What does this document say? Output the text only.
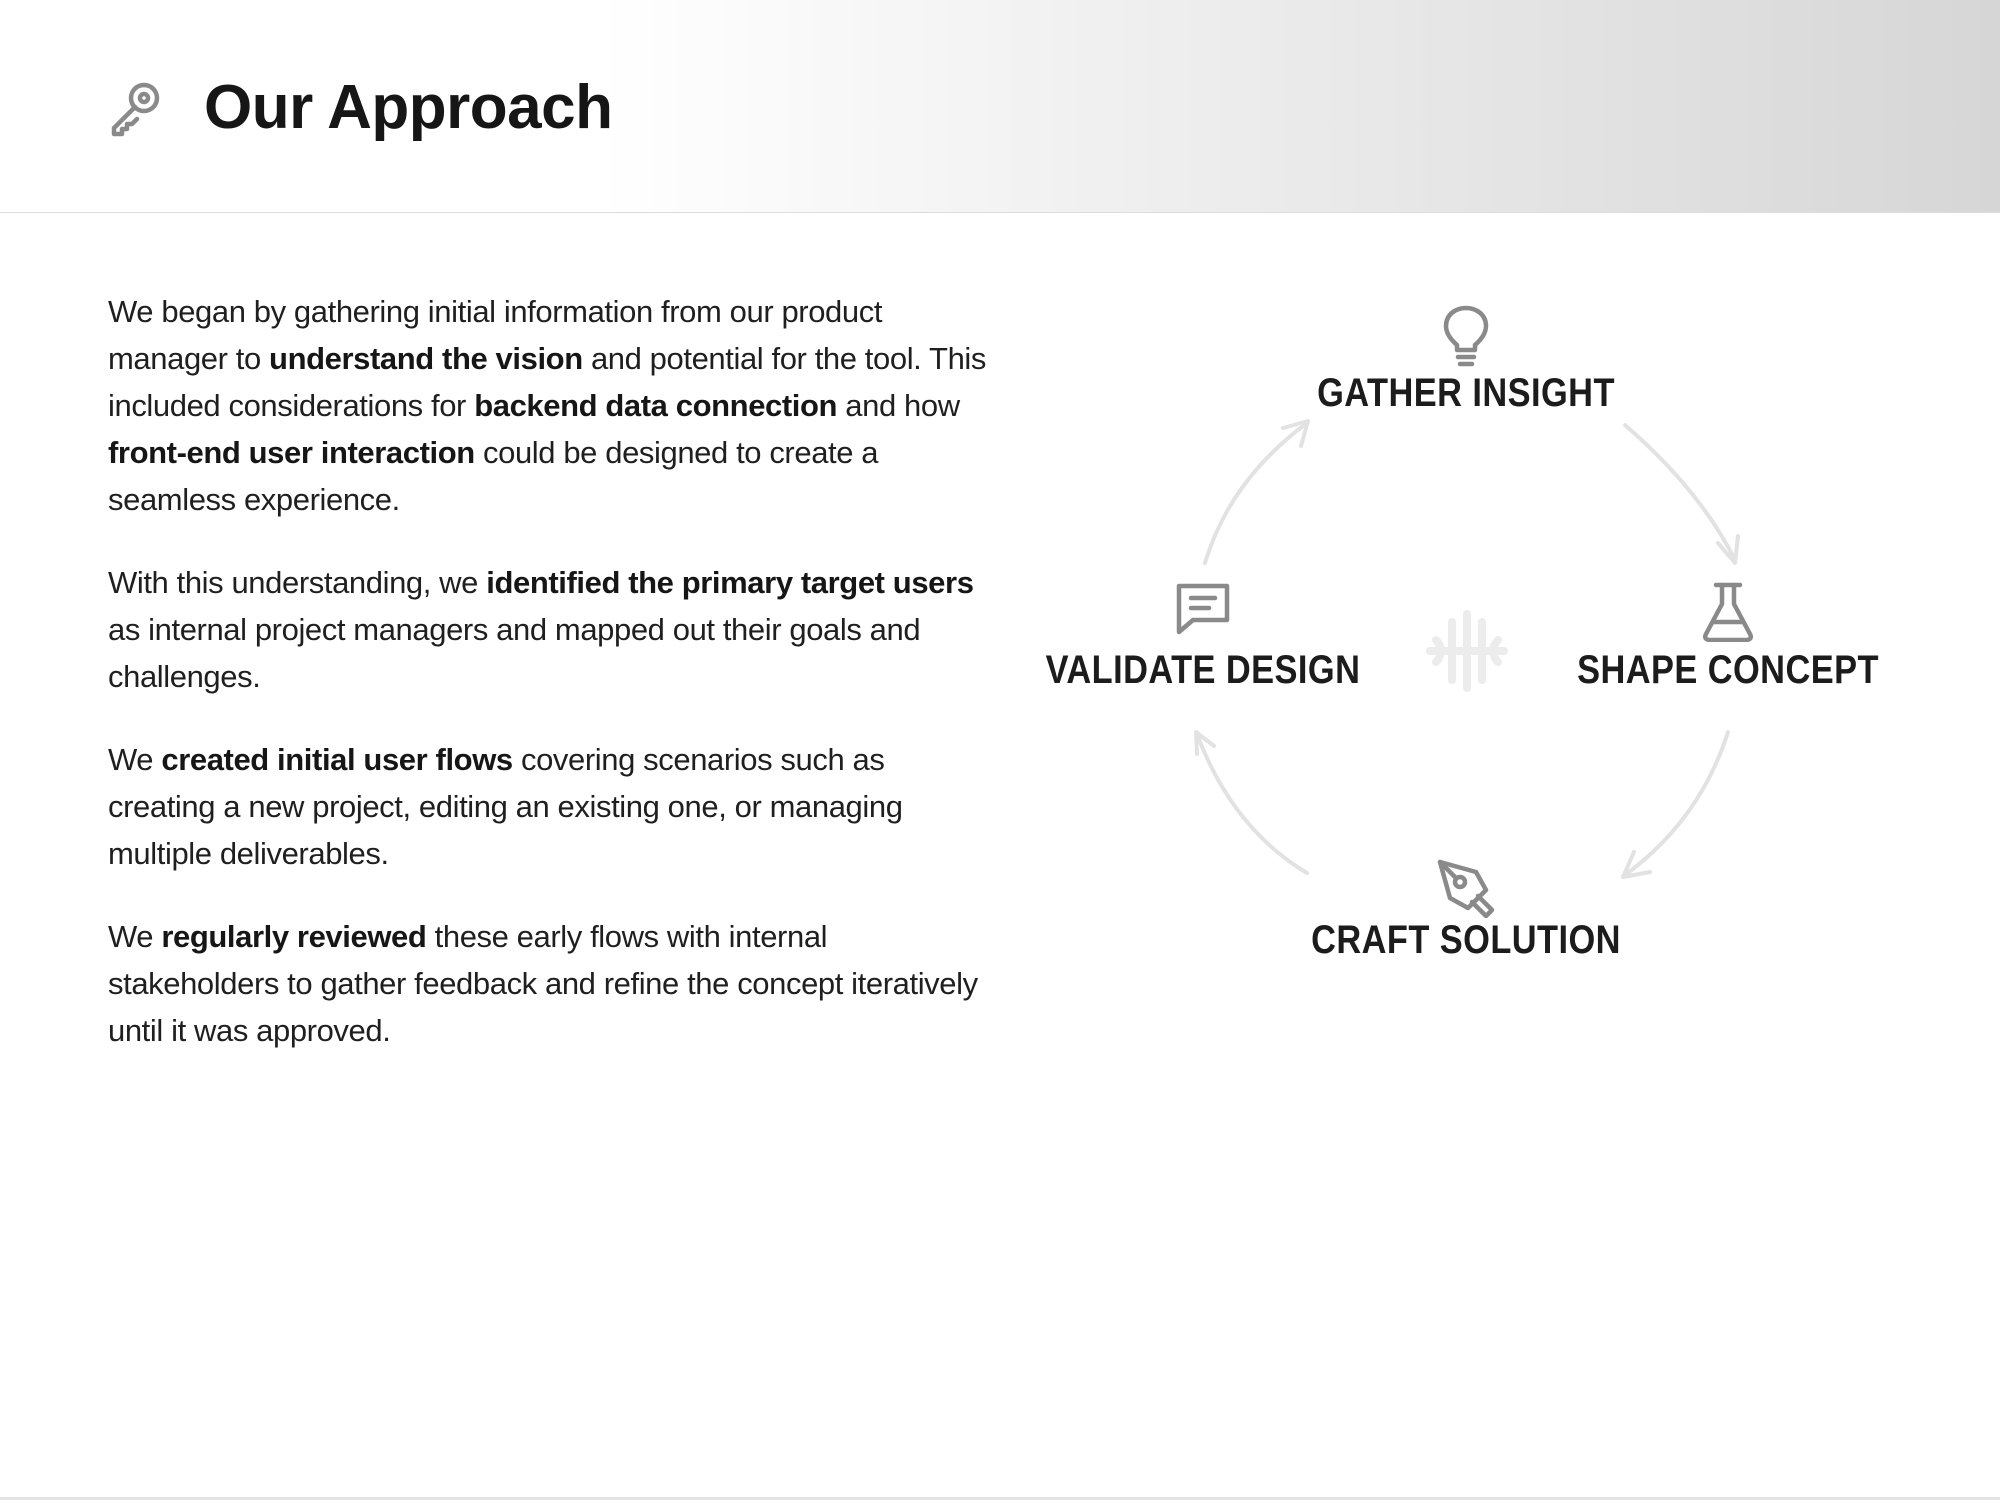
Our Approach

We began by gathering initial information from our product manager to understand the vision and potential for the tool. This included considerations for backend data connection and how front-end user interaction could be designed to create a seamless experience.

With this understanding, we identified the primary target users as internal project managers and mapped out their goals and challenges.

We created initial user flows covering scenarios such as creating a new project, editing an existing one, or managing multiple deliverables.

We regularly reviewed these early flows with internal stakeholders to gather feedback and refine the concept iteratively until it was approved.

GATHER INSIGHT
SHAPE CONCEPT
CRAFT SOLUTION
VALIDATE DESIGN
